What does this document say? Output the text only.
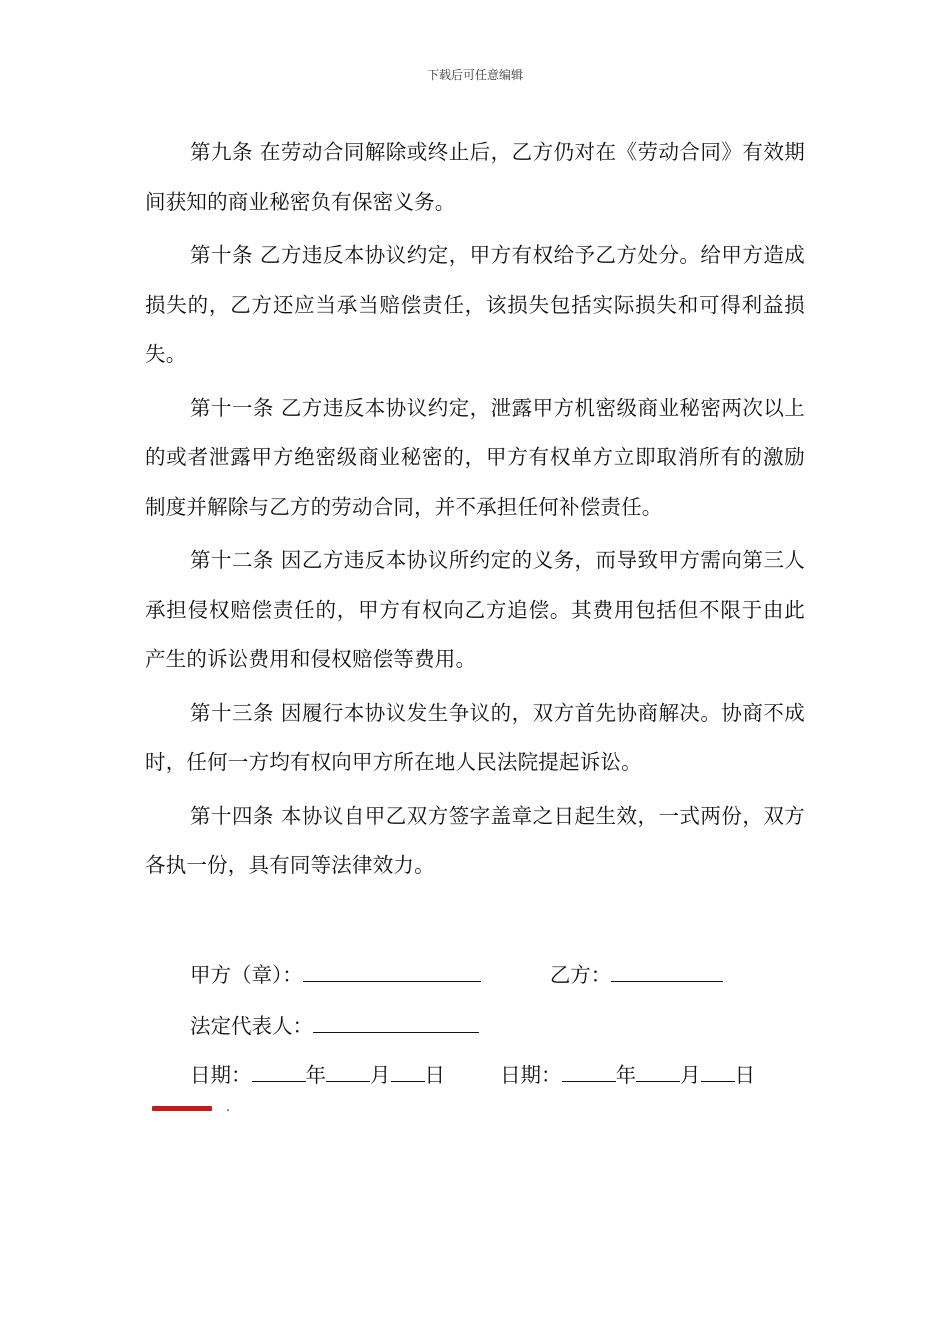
下载后可任意编辑

第九条 在劳动合同解除或终止后，乙方仍对在《劳动合同》有效期间获知的商业秘密负有保密义务。

第十条 乙方违反本协议约定，甲方有权给予乙方处分。给甲方造成损失的，乙方还应当承当赔偿责任，该损失包括实际损失和可得利益损失。

第十一条 乙方违反本协议约定，泄露甲方机密级商业秘密两次以上的或者泄露甲方绝密级商业秘密的，甲方有权单方立即取消所有的激励制度并解除与乙方的劳动合同，并不承担任何补偿责任。

第十二条 因乙方违反本协议所约定的义务，而导致甲方需向第三人承担侵权赔偿责任的，甲方有权向乙方追偿。其费用包括但不限于由此产生的诉讼费用和侵权赔偿等费用。

第十三条 因履行本协议发生争议的，双方首先协商解决。协商不成时，任何一方均有权向甲方所在地人民法院提起诉讼。

第十四条 本协议自甲乙双方签字盖章之日起生效，一式两份，双方各执一份，具有同等法律效力。

甲方（章）：	乙方：
法定代表人：
日期：	年 月 日	日期：	年 月 日
.
